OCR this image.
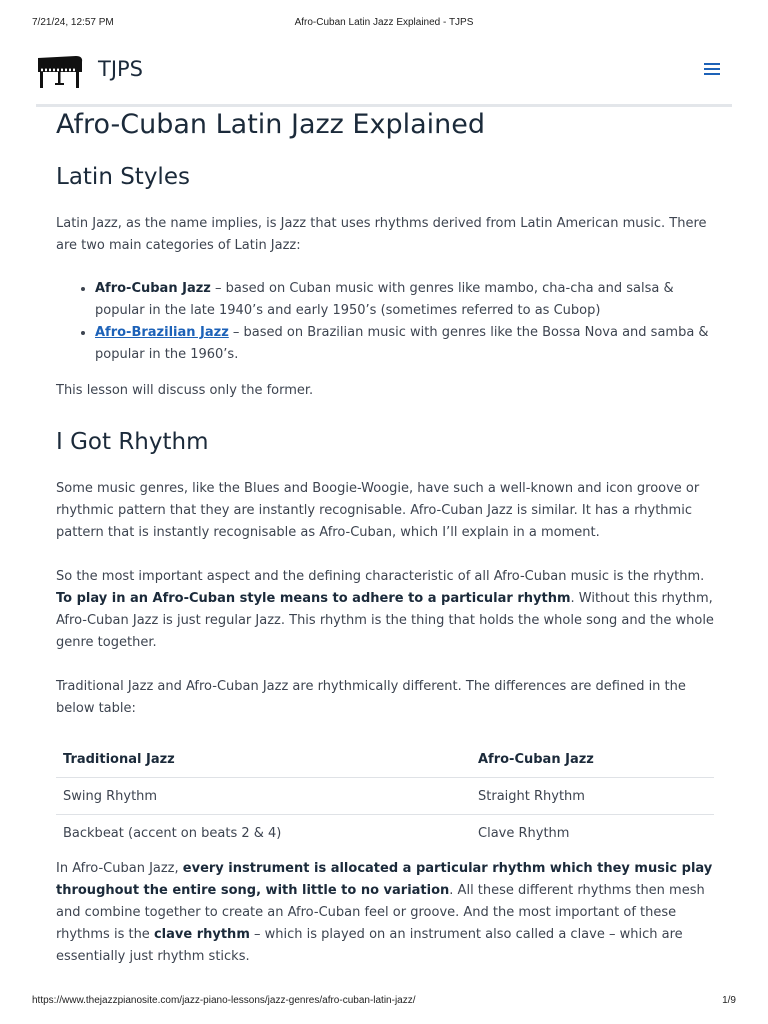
7/21/24, 12:57 PM	Afro-Cuban Latin Jazz Explained - TJPS
TJPS
Afro-Cuban Latin Jazz Explained
Latin Styles

Latin Jazz, as the name implies, is Jazz that uses rhythms derived from Latin American music. There are two main categories of Latin Jazz:

• Afro-Cuban Jazz – based on Cuban music with genres like mambo, cha-cha and salsa & popular in the late 1940’s and early 1950’s (sometimes referred to as Cubop)
• Afro-Brazilian Jazz – based on Brazilian music with genres like the Bossa Nova and samba & popular in the 1960’s.

This lesson will discuss only the former.

I Got Rhythm

Some music genres, like the Blues and Boogie-Woogie, have such a well-known and icon groove or rhythmic pattern that they are instantly recognisable. Afro-Cuban Jazz is similar. It has a rhythmic pattern that is instantly recognisable as Afro-Cuban, which I’ll explain in a moment.

So the most important aspect and the defining characteristic of all Afro-Cuban music is the rhythm. To play in an Afro-Cuban style means to adhere to a particular rhythm. Without this rhythm, Afro-Cuban Jazz is just regular Jazz. This rhythm is the thing that holds the whole song and the whole genre together.

Traditional Jazz and Afro-Cuban Jazz are rhythmically different. The differences are defined in the below table:

Traditional Jazz	Afro-Cuban Jazz
Swing Rhythm	Straight Rhythm
Backbeat (accent on beats 2 & 4)	Clave Rhythm

In Afro-Cuban Jazz, every instrument is allocated a particular rhythm which they music play throughout the entire song, with little to no variation. All these different rhythms then mesh and combine together to create an Afro-Cuban feel or groove. And the most important of these rhythms is the clave rhythm – which is played on an instrument also called a clave – which are essentially just rhythm sticks.

https://www.thejazzpianosite.com/jazz-piano-lessons/jazz-genres/afro-cuban-latin-jazz/	1/9
